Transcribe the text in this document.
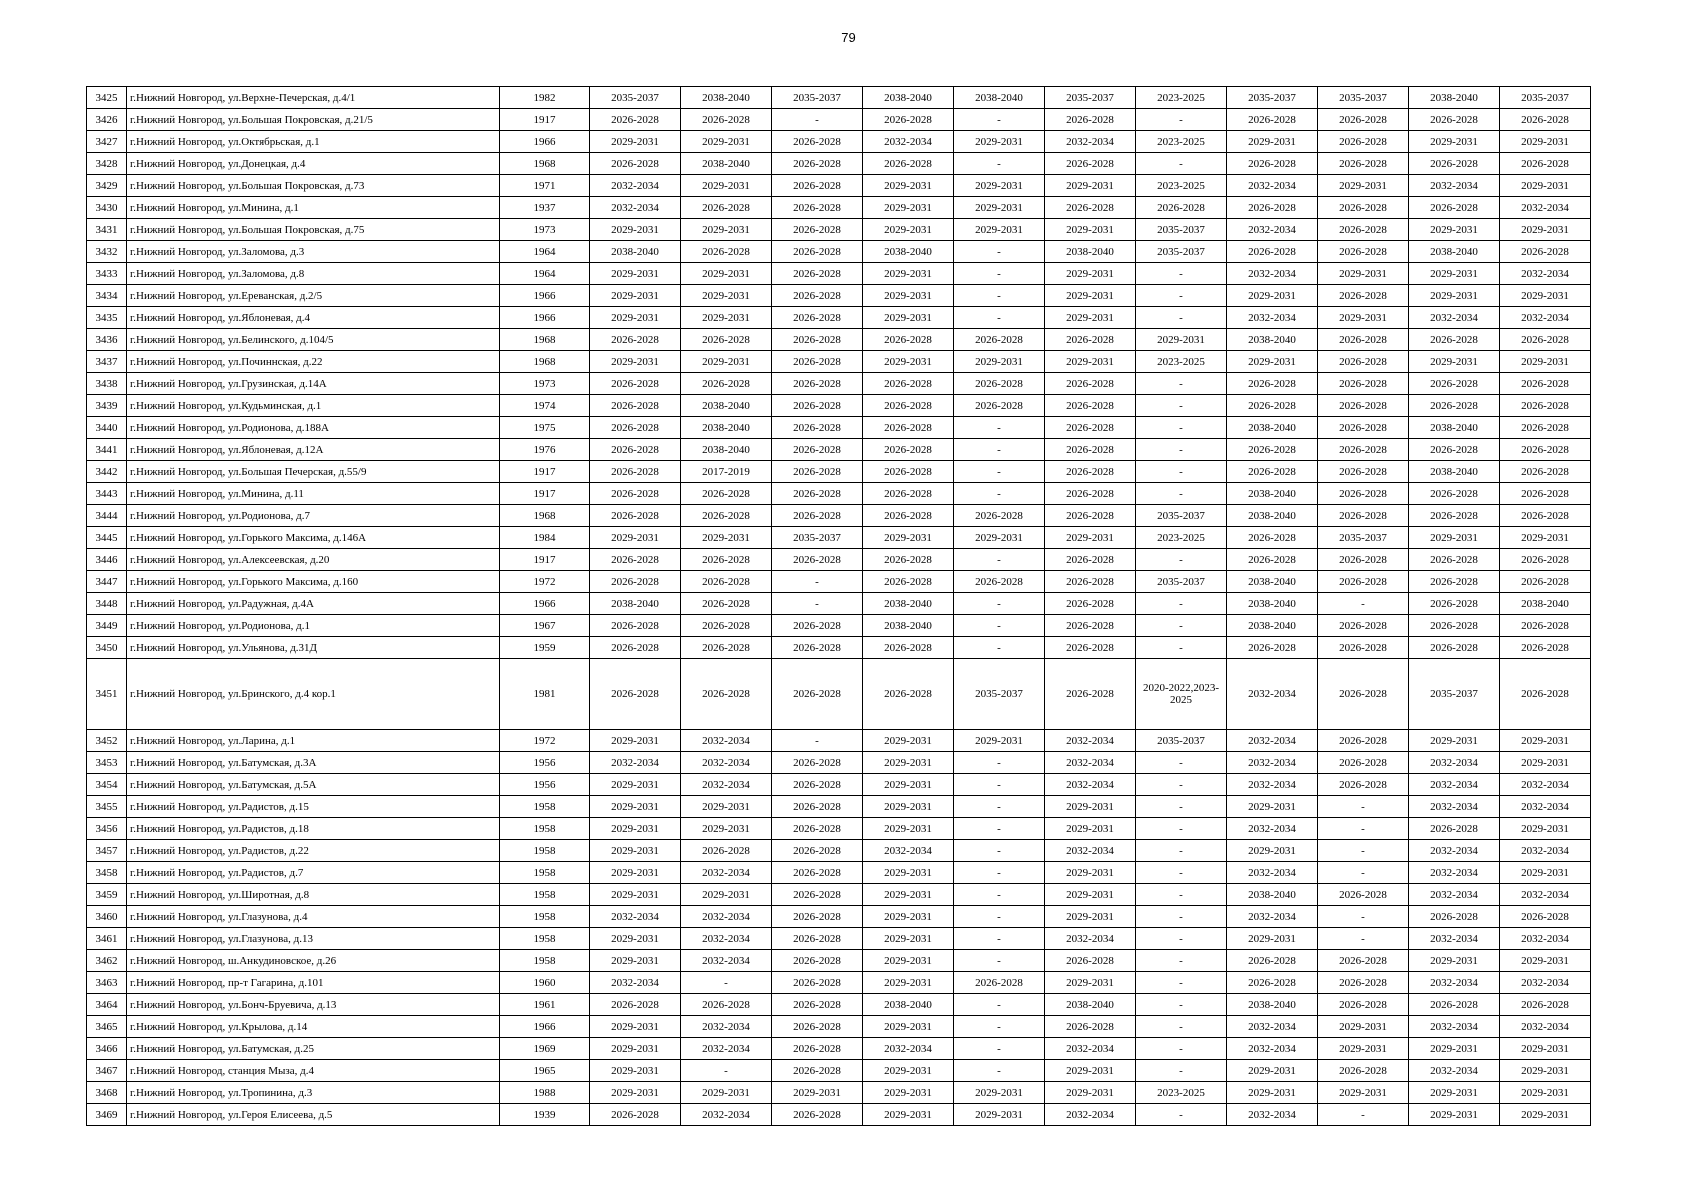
79
3425	г.Нижний Новгород, ул.Верхне-Печерская, д.4/1	1982	2035-2037	2038-2040	2035-2037	2038-2040	2038-2040	2035-2037	2023-2025	2035-2037	2035-2037	2038-2040	2035-2037
3426	г.Нижний Новгород, ул.Большая Покровская, д.21/5	1917	2026-2028	2026-2028	-	2026-2028	-	2026-2028	-	2026-2028	2026-2028	2026-2028	2026-2028
3427	г.Нижний Новгород, ул.Октябрьская, д.1	1966	2029-2031	2029-2031	2026-2028	2032-2034	2029-2031	2032-2034	2023-2025	2029-2031	2026-2028	2029-2031	2029-2031
3428	г.Нижний Новгород, ул.Донецкая, д.4	1968	2026-2028	2038-2040	2026-2028	2026-2028	-	2026-2028	-	2026-2028	2026-2028	2026-2028	2026-2028
3429	г.Нижний Новгород, ул.Большая Покровская, д.73	1971	2032-2034	2029-2031	2026-2028	2029-2031	2029-2031	2029-2031	2023-2025	2032-2034	2029-2031	2032-2034	2029-2031
3430	г.Нижний Новгород, ул.Минина, д.1	1937	2032-2034	2026-2028	2026-2028	2029-2031	2029-2031	2026-2028	2026-2028	2026-2028	2026-2028	2026-2028	2032-2034
3431	г.Нижний Новгород, ул.Большая Покровская, д.75	1973	2029-2031	2029-2031	2026-2028	2029-2031	2029-2031	2029-2031	2035-2037	2032-2034	2026-2028	2029-2031	2029-2031
3432	г.Нижний Новгород, ул.Заломова, д.3	1964	2038-2040	2026-2028	2026-2028	2038-2040	-	2038-2040	2035-2037	2026-2028	2026-2028	2038-2040	2026-2028
3433	г.Нижний Новгород, ул.Заломова, д.8	1964	2029-2031	2029-2031	2026-2028	2029-2031	-	2029-2031	-	2032-2034	2029-2031	2029-2031	2032-2034
3434	г.Нижний Новгород, ул.Ереванская, д.2/5	1966	2029-2031	2029-2031	2026-2028	2029-2031	-	2029-2031	-	2029-2031	2026-2028	2029-2031	2029-2031
3435	г.Нижний Новгород, ул.Яблоневая, д.4	1966	2029-2031	2029-2031	2026-2028	2029-2031	-	2029-2031	-	2032-2034	2029-2031	2032-2034	2032-2034
3436	г.Нижний Новгород, ул.Белинского, д.104/5	1968	2026-2028	2026-2028	2026-2028	2026-2028	2026-2028	2026-2028	2029-2031	2038-2040	2026-2028	2026-2028	2026-2028
3437	г.Нижний Новгород, ул.Починнская, д.22	1968	2029-2031	2029-2031	2026-2028	2029-2031	2029-2031	2029-2031	2023-2025	2029-2031	2026-2028	2029-2031	2029-2031
3438	г.Нижний Новгород, ул.Грузинская, д.14А	1973	2026-2028	2026-2028	2026-2028	2026-2028	2026-2028	2026-2028	-	2026-2028	2026-2028	2026-2028	2026-2028
3439	г.Нижний Новгород, ул.Кудьминская, д.1	1974	2026-2028	2038-2040	2026-2028	2026-2028	2026-2028	2026-2028	-	2026-2028	2026-2028	2026-2028	2026-2028
3440	г.Нижний Новгород, ул.Родионова, д.188А	1975	2026-2028	2038-2040	2026-2028	2026-2028	-	2026-2028	-	2038-2040	2026-2028	2038-2040	2026-2028
3441	г.Нижний Новгород, ул.Яблоневая, д.12А	1976	2026-2028	2038-2040	2026-2028	2026-2028	-	2026-2028	-	2026-2028	2026-2028	2026-2028	2026-2028
3442	г.Нижний Новгород, ул.Большая Печерская, д.55/9	1917	2026-2028	2017-2019	2026-2028	2026-2028	-	2026-2028	-	2026-2028	2026-2028	2038-2040	2026-2028
3443	г.Нижний Новгород, ул.Минина, д.11	1917	2026-2028	2026-2028	2026-2028	2026-2028	-	2026-2028	-	2038-2040	2026-2028	2026-2028	2026-2028
3444	г.Нижний Новгород, ул.Родионова, д.7	1968	2026-2028	2026-2028	2026-2028	2026-2028	2026-2028	2026-2028	2035-2037	2038-2040	2026-2028	2026-2028	2026-2028
3445	г.Нижний Новгород, ул.Горького Максима, д.146А	1984	2029-2031	2029-2031	2035-2037	2029-2031	2029-2031	2029-2031	2023-2025	2026-2028	2035-2037	2029-2031	2029-2031
3446	г.Нижний Новгород, ул.Алексеевская, д.20	1917	2026-2028	2026-2028	2026-2028	2026-2028	-	2026-2028	-	2026-2028	2026-2028	2026-2028	2026-2028
3447	г.Нижний Новгород, ул.Горького Максима, д.160	1972	2026-2028	2026-2028	-	2026-2028	2026-2028	2026-2028	2035-2037	2038-2040	2026-2028	2026-2028	2026-2028
3448	г.Нижний Новгород, ул.Радужная, д.4А	1966	2038-2040	2026-2028	-	2038-2040	-	2026-2028	-	2038-2040	-	2026-2028	2038-2040
3449	г.Нижний Новгород, ул.Родионова, д.1	1967	2026-2028	2026-2028	2026-2028	2038-2040	-	2026-2028	-	2038-2040	2026-2028	2026-2028	2026-2028
3450	г.Нижний Новгород, ул.Ульянова, д.31Д	1959	2026-2028	2026-2028	2026-2028	2026-2028	-	2026-2028	-	2026-2028	2026-2028	2026-2028	2026-2028
3451	г.Нижний Новгород, ул.Бринского, д.4 кор.1	1981	2026-2028	2026-2028	2026-2028	2026-2028	2035-2037	2026-2028	2020-2022,2023-2025	2032-2034	2026-2028	2035-2037	2026-2028
3452	г.Нижний Новгород, ул.Ларина, д.1	1972	2029-2031	2032-2034	-	2029-2031	2029-2031	2032-2034	2035-2037	2032-2034	2026-2028	2029-2031	2029-2031
3453	г.Нижний Новгород, ул.Батумская, д.3А	1956	2032-2034	2032-2034	2026-2028	2029-2031	-	2032-2034	-	2032-2034	2026-2028	2032-2034	2029-2031
3454	г.Нижний Новгород, ул.Батумская, д.5А	1956	2029-2031	2032-2034	2026-2028	2029-2031	-	2032-2034	-	2032-2034	2026-2028	2032-2034	2032-2034
3455	г.Нижний Новгород, ул.Радистов, д.15	1958	2029-2031	2029-2031	2026-2028	2029-2031	-	2029-2031	-	2029-2031	-	2032-2034	2032-2034
3456	г.Нижний Новгород, ул.Радистов, д.18	1958	2029-2031	2029-2031	2026-2028	2029-2031	-	2029-2031	-	2032-2034	-	2026-2028	2029-2031
3457	г.Нижний Новгород, ул.Радистов, д.22	1958	2029-2031	2026-2028	2026-2028	2032-2034	-	2032-2034	-	2029-2031	-	2032-2034	2032-2034
3458	г.Нижний Новгород, ул.Радистов, д.7	1958	2029-2031	2032-2034	2026-2028	2029-2031	-	2029-2031	-	2032-2034	-	2032-2034	2029-2031
3459	г.Нижний Новгород, ул.Широтная, д.8	1958	2029-2031	2029-2031	2026-2028	2029-2031	-	2029-2031	-	2038-2040	2026-2028	2032-2034	2032-2034
3460	г.Нижний Новгород, ул.Глазунова, д.4	1958	2032-2034	2032-2034	2026-2028	2029-2031	-	2029-2031	-	2032-2034	-	2026-2028	2026-2028
3461	г.Нижний Новгород, ул.Глазунова, д.13	1958	2029-2031	2032-2034	2026-2028	2029-2031	-	2032-2034	-	2029-2031	-	2032-2034	2032-2034
3462	г.Нижний Новгород, ш.Анкудиновское, д.26	1958	2029-2031	2032-2034	2026-2028	2029-2031	-	2026-2028	-	2026-2028	2026-2028	2029-2031	2029-2031
3463	г.Нижний Новгород, пр-т Гагарина, д.101	1960	2032-2034	-	2026-2028	2029-2031	2026-2028	2029-2031	-	2026-2028	2026-2028	2032-2034	2032-2034
3464	г.Нижний Новгород, ул.Бонч-Бруевича, д.13	1961	2026-2028	2026-2028	2026-2028	2038-2040	-	2038-2040	-	2038-2040	2026-2028	2026-2028	2026-2028
3465	г.Нижний Новгород, ул.Крылова, д.14	1966	2029-2031	2032-2034	2026-2028	2029-2031	-	2026-2028	-	2032-2034	2029-2031	2032-2034	2032-2034
3466	г.Нижний Новгород, ул.Батумская, д.25	1969	2029-2031	2032-2034	2026-2028	2032-2034	-	2032-2034	-	2032-2034	2029-2031	2029-2031	2029-2031
3467	г.Нижний Новгород, станция Мыза, д.4	1965	2029-2031	-	2026-2028	2029-2031	-	2029-2031	-	2029-2031	2026-2028	2032-2034	2029-2031
3468	г.Нижний Новгород, ул.Тропинина, д.3	1988	2029-2031	2029-2031	2029-2031	2029-2031	2029-2031	2029-2031	2023-2025	2029-2031	2029-2031	2029-2031	2029-2031
3469	г.Нижний Новгород, ул.Героя Елисеева, д.5	1939	2026-2028	2032-2034	2026-2028	2029-2031	2029-2031	2032-2034	-	2032-2034	-	2029-2031	2029-2031
